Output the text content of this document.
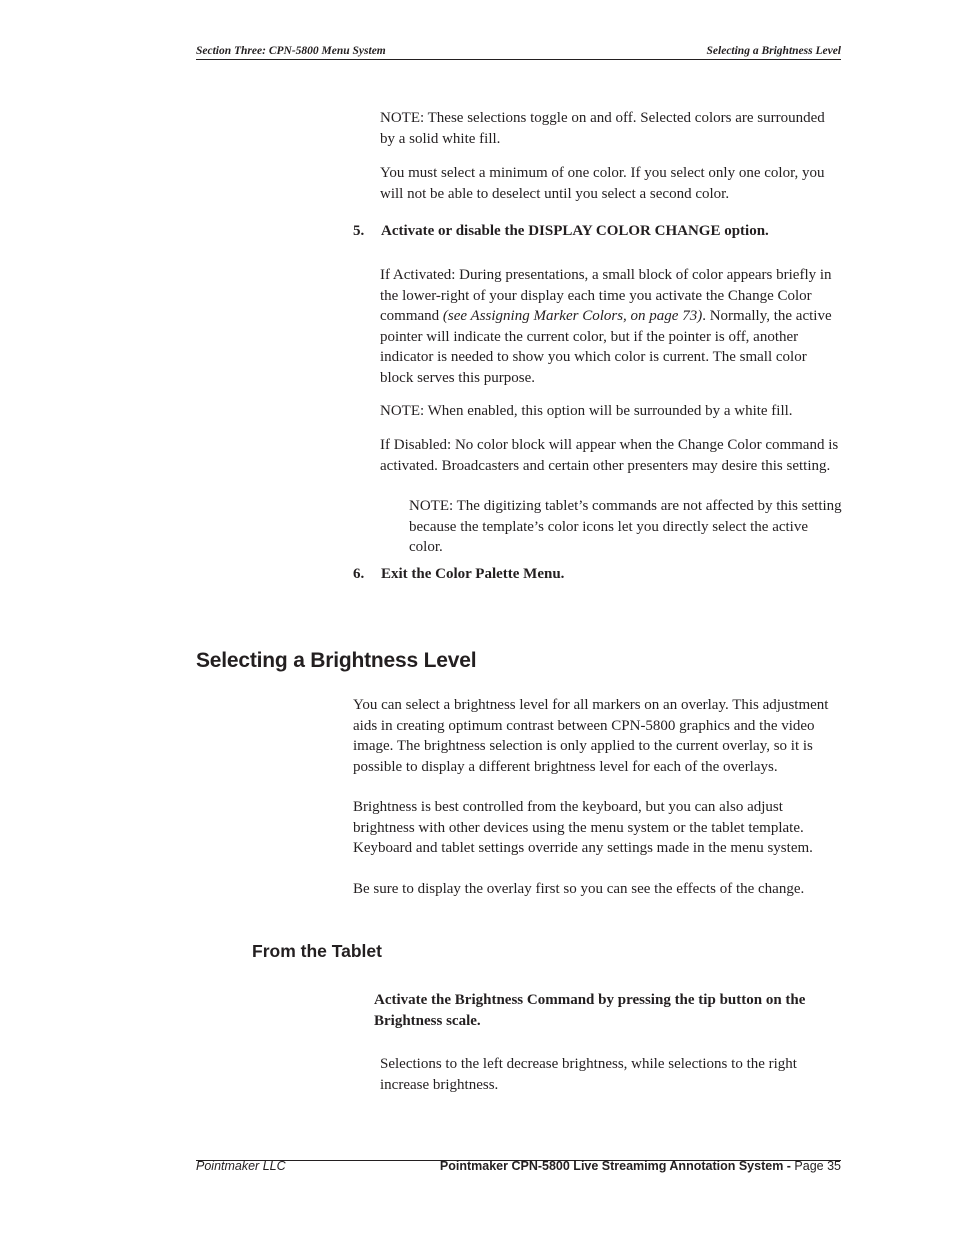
Section Three: CPN-5800 Menu System	Selecting a Brightness Level
NOTE: These selections toggle on and off. Selected colors are surrounded by a solid white fill.
You must select a minimum of one color. If you select only one color, you will not be able to deselect until you select a second color.
5. Activate or disable the DISPLAY COLOR CHANGE option.
If Activated: During presentations, a small block of color appears briefly in the lower-right of your display each time you activate the Change Color command (see Assigning Marker Colors, on page 73). Normally, the active pointer will indicate the current color, but if the pointer is off, another indicator is needed to show you which color is current. The small color block serves this purpose.
NOTE: When enabled, this option will be surrounded by a white fill.
If Disabled: No color block will appear when the Change Color command is activated. Broadcasters and certain other presenters may desire this setting.
NOTE: The digitizing tablet’s commands are not affected by this setting because the template’s color icons let you directly select the active color.
6. Exit the Color Palette Menu.
Selecting a Brightness Level
You can select a brightness level for all markers on an overlay. This adjustment aids in creating optimum contrast between CPN-5800 graphics and the video image. The brightness selection is only applied to the current overlay, so it is possible to display a different brightness level for each of the overlays.
Brightness is best controlled from the keyboard, but you can also adjust brightness with other devices using the menu system or the tablet template. Keyboard and tablet settings override any settings made in the menu system.
Be sure to display the overlay first so you can see the effects of the change.
From the Tablet
Activate the Brightness Command by pressing the tip button on the Brightness scale.
Selections to the left decrease brightness, while selections to the right increase brightness.
Pointmaker LLC	Pointmaker CPN-5800 Live Streamimg Annotation System - Page 35
